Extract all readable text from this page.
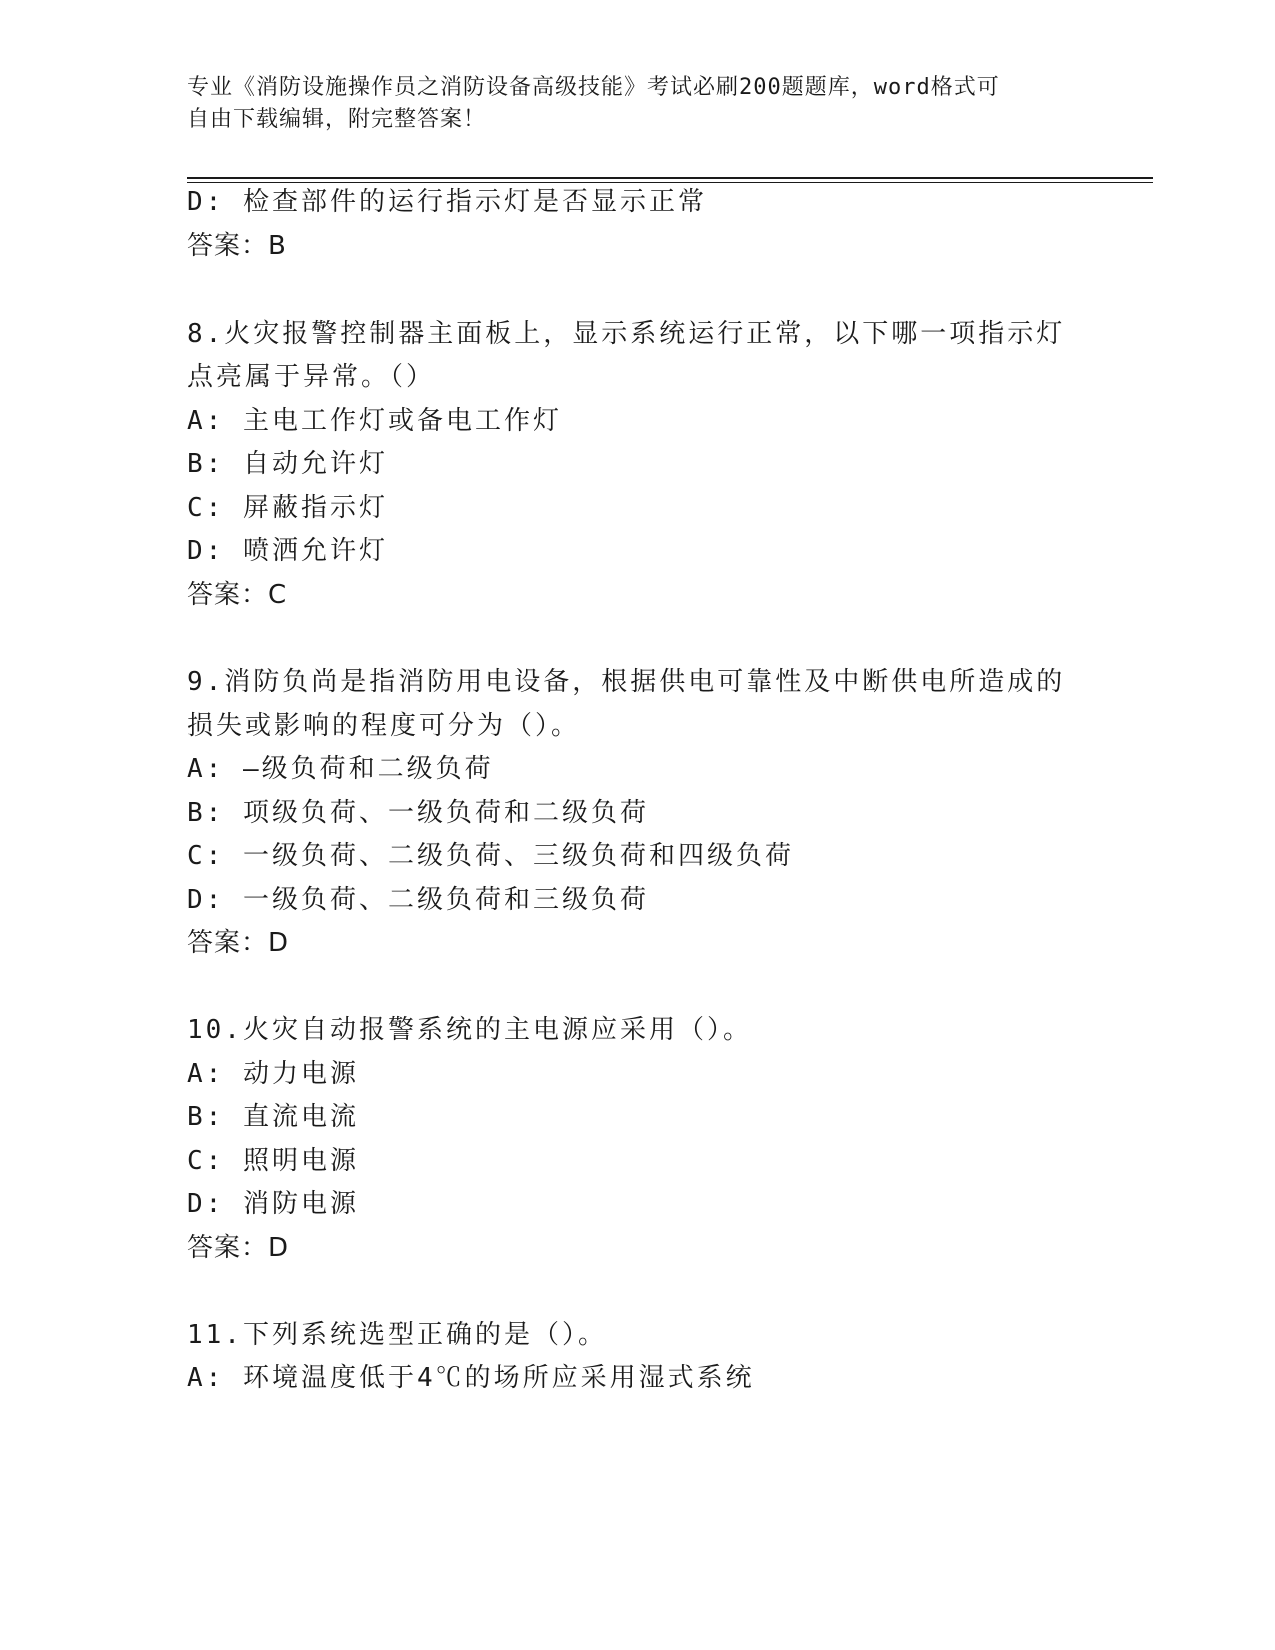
专业《消防设施操作员之消防设备高级技能》考试必刷200题题库，word格式可
自由下载编辑，附完整答案！
D: 检查部件的运行指示灯是否显示正常
答案：B
8.火灾报警控制器主面板上，显示系统运行正常，以下哪一项指示灯
点亮属于异常。（）
A: 主电工作灯或备电工作灯
B: 自动允许灯
C: 屏蔽指示灯
D: 喷洒允许灯
答案：C
9.消防负尚是指消防用电设备，根据供电可靠性及中断供电所造成的
损失或影响的程度可分为（）。
A: —级负荷和二级负荷
B: 项级负荷、一级负荷和二级负荷
C: 一级负荷、二级负荷、三级负荷和四级负荷
D: 一级负荷、二级负荷和三级负荷
答案：D
10.火灾自动报警系统的主电源应采用（）。
A: 动力电源
B: 直流电流
C: 照明电源
D: 消防电源
答案：D
11.下列系统选型正确的是（）。
A: 环境温度低于4℃的场所应采用湿式系统
